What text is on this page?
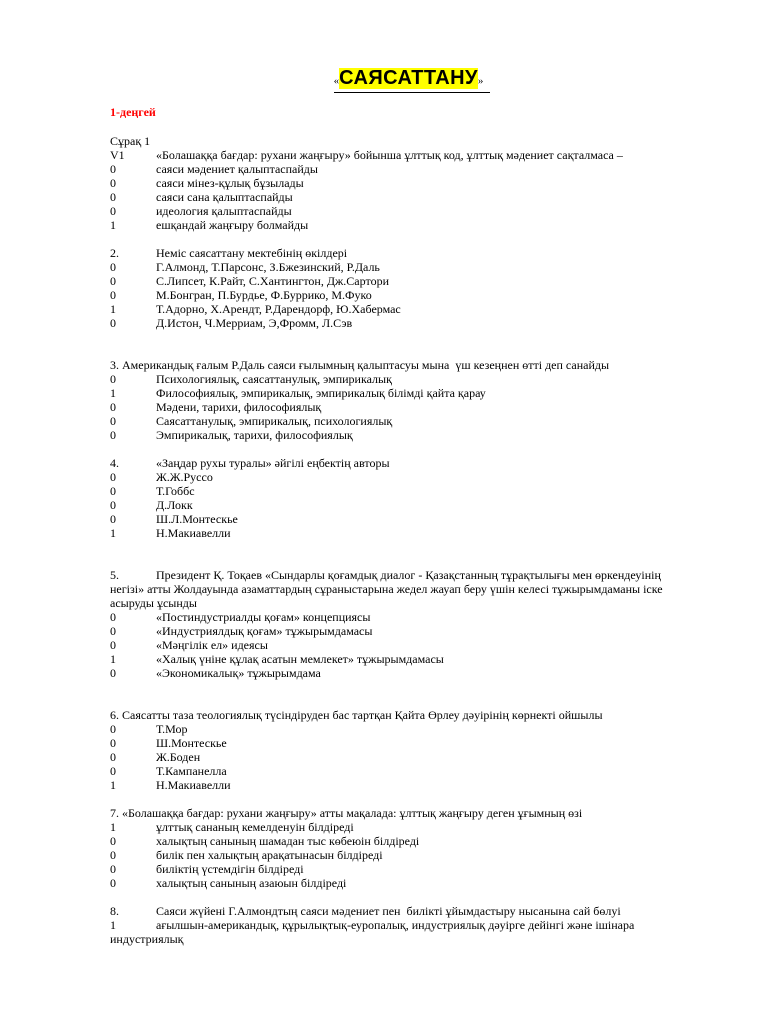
«САЯСАТТАНУ»
1-деңгей
Сұрақ 1
V1	«Болашаққа бағдар: рухани жаңғыру» бойынша ұлттық код, ұлттық мәдениет сақталмаса –
0	саяси мәдениет қалыптаспайды
0	саяси мінез-құлық бұзылады
0	саяси сана қалыптаспайды
0	идеология қалыптаспайды
1	ешқандай жаңғыру болмайды
2.	Неміс саясаттану мектебінің өкілдері
0	Г.Алмонд, Т.Парсонс, З.Бжезинский, Р.Даль
0	С.Липсет, К.Райт, С.Хантингтон, Дж.Сартори
0	М.Бонгран, П.Бурдье, Ф.Буррико, М.Фуко
1	Т.Адорно, Х.Арендт, Р.Дарендорф, Ю.Хабермас
0	Д.Истон, Ч.Мерриам, Э,Фромм, Л.Сэв
3. Американдық ғалым Р.Даль саяси ғылымның қалыптасуы мына  үш кезеңнен өтті деп санайды
0	Психологиялық, саясаттанулық, эмпирикалық
1	Философиялық, эмпирикалық, эмпирикалық білімді қайта қарау
0	Мәдени, тарихи, философиялық
0	Саясаттанулық, эмпирикалық, психологиялық
0	Эмпирикалық, тарихи, философиялық
4.	«Заңдар рухы туралы» әйгілі еңбектің авторы
0	Ж.Ж.Руссо
0	Т.Гоббс
0	Д.Локк
0	Ш.Л.Монтескье
1	Н.Макиавелли
5.	Президент Қ. Тоқаев «Сындарлы қоғамдық диалог - Қазақстанның тұрақтылығы мен өркендеуінің
негізі» атты Жолдауында азаматтардың сұраныстарына жедел жауап беру үшін келесі тұжырымдаманы іске
асыруды ұсынды
0	«Постиндустриалды қоғам» концепциясы
0	«Индустриялдық қоғам» тұжырымдамасы
0	«Мәңгілік ел» идеясы
1	«Халық үніне құлақ асатын мемлекет» тұжырымдамасы
0	«Экономикалық» тұжырымдама
6. Саясатты таза теологиялық түсіндіруден бас тартқан Қайта Өрлеу дәуірінің көрнекті ойшылы
0	Т.Мор
0	Ш.Монтескье
0	Ж.Боден
0	Т.Кампанелла
1	Н.Макиавелли
7. «Болашаққа бағдар: рухани жаңғыру» атты мақалада: ұлттық жаңғыру деген ұғымның өзі
1	ұлттық сананың кемелденуін білдіреді
0	халықтың санының шамадан тыс көбеюін білдіреді
0	билік пен халықтың арақатынасын білдіреді
0	биліктің үстемдігін білдіреді
0	халықтың санының азаюын білдіреді
8.	Саяси жүйені Г.Алмондтың саяси мәдениет пен  билікті ұйымдастыру нысанына сай бөлуі
1	ағылшын-американдық, құрылықтық-еуропалық, индустриялық дәуірге дейінгі және ішінара
индустриялық
